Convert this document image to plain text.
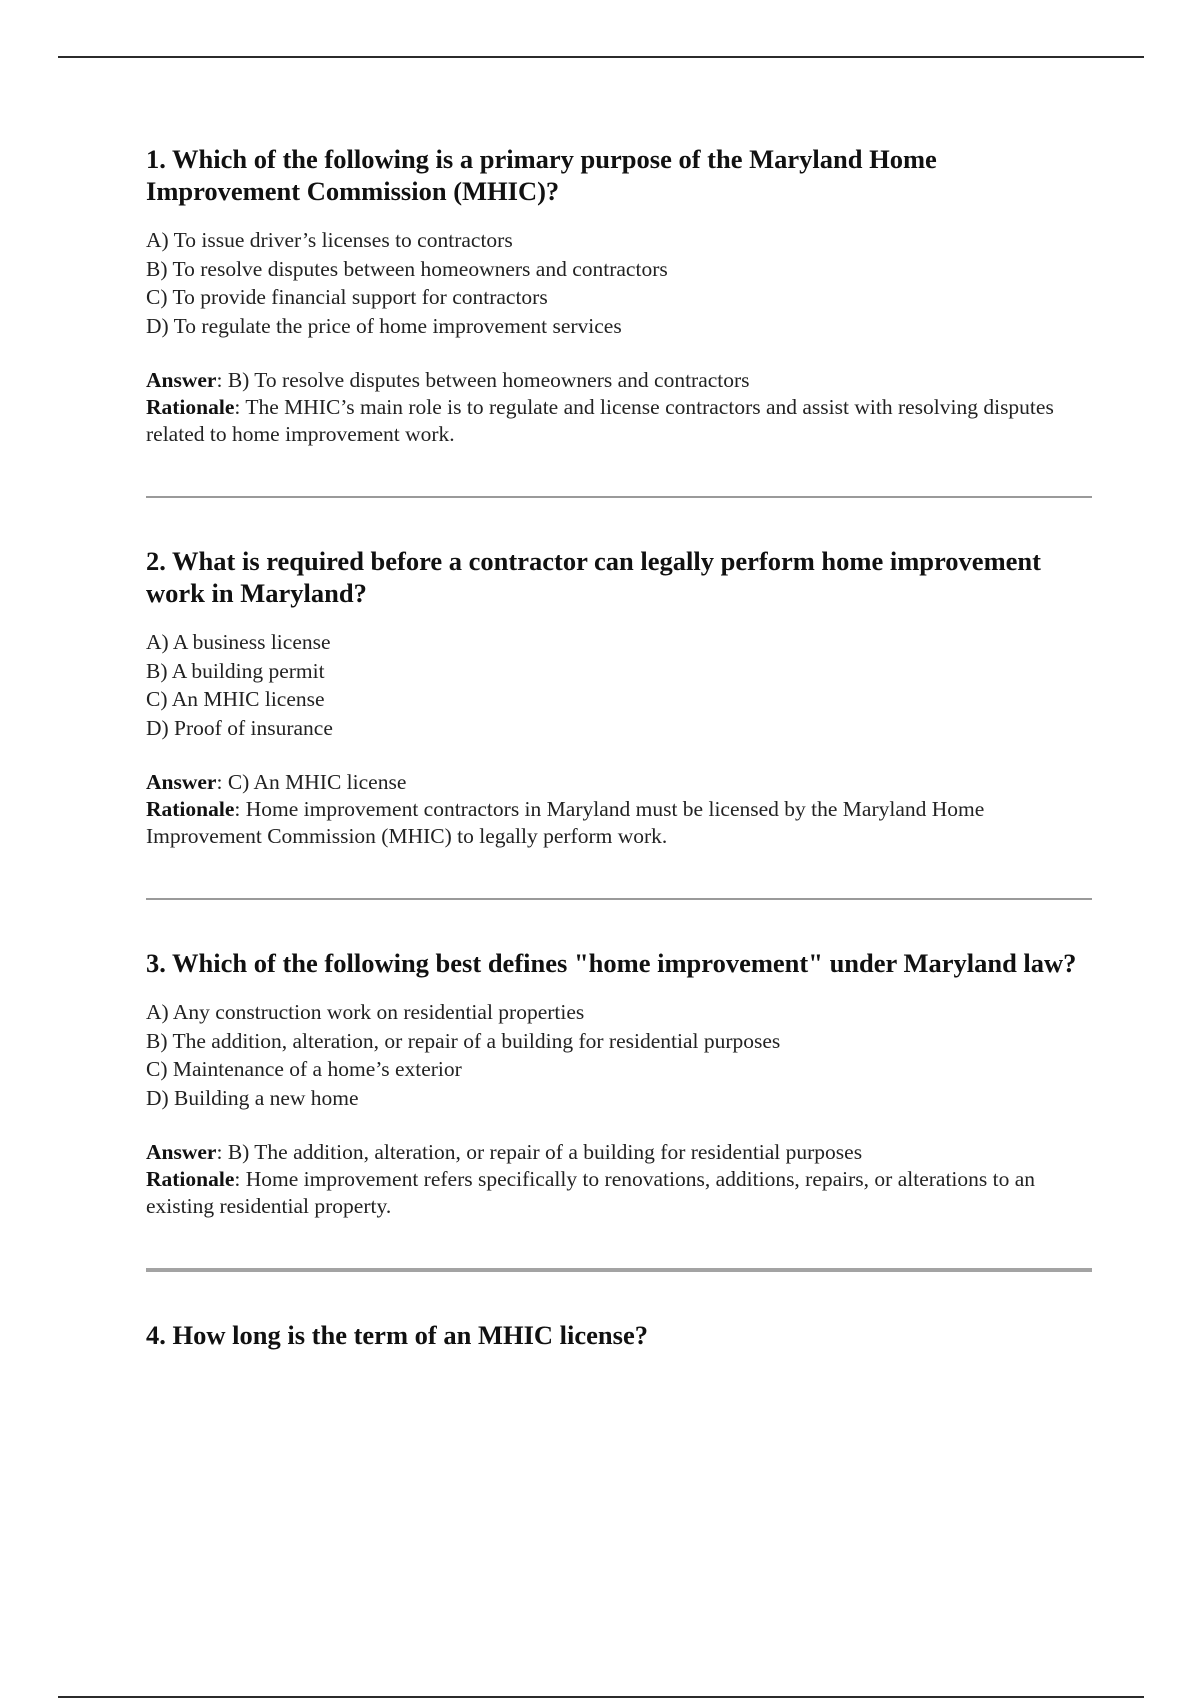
1. Which of the following is a primary purpose of the Maryland Home Improvement Commission (MHIC)?
A) To issue driver’s licenses to contractors
B) To resolve disputes between homeowners and contractors
C) To provide financial support for contractors
D) To regulate the price of home improvement services
Answer: B) To resolve disputes between homeowners and contractors
Rationale: The MHIC’s main role is to regulate and license contractors and assist with resolving disputes related to home improvement work.
2. What is required before a contractor can legally perform home improvement work in Maryland?
A) A business license
B) A building permit
C) An MHIC license
D) Proof of insurance
Answer: C) An MHIC license
Rationale: Home improvement contractors in Maryland must be licensed by the Maryland Home Improvement Commission (MHIC) to legally perform work.
3. Which of the following best defines "home improvement" under Maryland law?
A) Any construction work on residential properties
B) The addition, alteration, or repair of a building for residential purposes
C) Maintenance of a home’s exterior
D) Building a new home
Answer: B) The addition, alteration, or repair of a building for residential purposes
Rationale: Home improvement refers specifically to renovations, additions, repairs, or alterations to an existing residential property.
4. How long is the term of an MHIC license?
